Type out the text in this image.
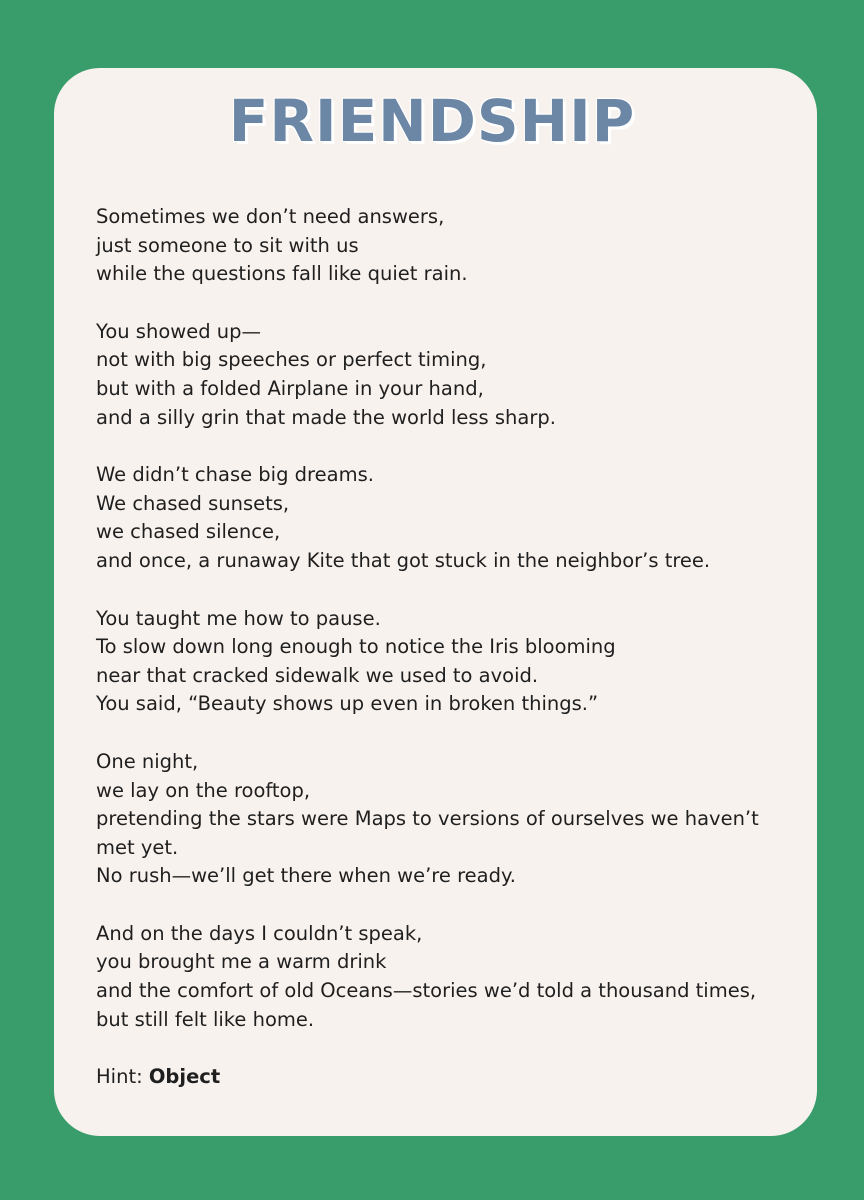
FRIENDSHIP
Sometimes we don’t need answers,
just someone to sit with us
while the questions fall like quiet rain.
You showed up—
not with big speeches or perfect timing,
but with a folded Airplane in your hand,
and a silly grin that made the world less sharp.
We didn’t chase big dreams.
We chased sunsets,
we chased silence,
and once, a runaway Kite that got stuck in the neighbor’s tree.
You taught me how to pause.
To slow down long enough to notice the Iris blooming
near that cracked sidewalk we used to avoid.
You said, “Beauty shows up even in broken things.”
One night,
we lay on the rooftop,
pretending the stars were Maps to versions of ourselves we haven’t
met yet.
No rush—we’ll get there when we’re ready.
And on the days I couldn’t speak,
you brought me a warm drink
and the comfort of old Oceans—stories we’d told a thousand times,
but still felt like home.
Hint: Object
